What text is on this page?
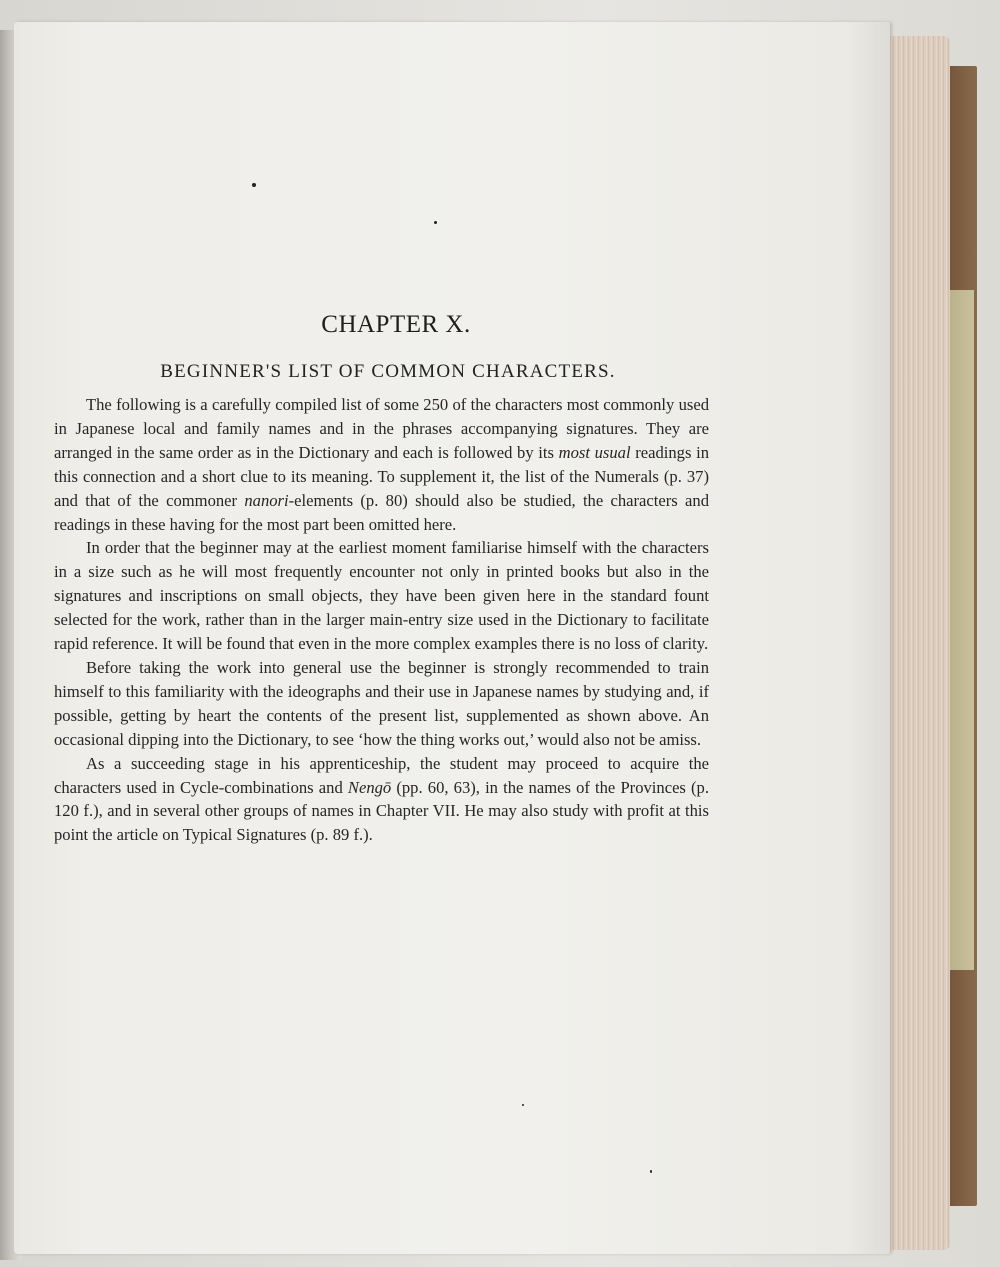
CHAPTER X.
BEGINNER'S LIST OF COMMON CHARACTERS.

The following is a carefully compiled list of some 250 of the characters most commonly used in Japanese local and family names and in the phrases accompanying signatures. They are arranged in the same order as in the Dictionary and each is followed by its most usual readings in this connection and a short clue to its meaning. To supplement it, the list of the Numerals (p. 37) and that of the commoner nanori-elements (p. 80) should also be studied, the characters and readings in these having for the most part been omitted here.

In order that the beginner may at the earliest moment familiarise himself with the characters in a size such as he will most frequently encounter not only in printed books but also in the signatures and inscriptions on small objects, they have been given here in the standard fount selected for the work, rather than in the larger main-entry size used in the Dictionary to facilitate rapid reference. It will be found that even in the more complex examples there is no loss of clarity.

Before taking the work into general use the beginner is strongly recommended to train himself to this familiarity with the ideographs and their use in Japanese names by studying and, if possible, getting by heart the contents of the present list, supplemented as shown above. An occasional dipping into the Dictionary, to see ‘how the thing works out,’ would also not be amiss.

As a succeeding stage in his apprenticeship, the student may proceed to acquire the characters used in Cycle-combinations and Nengō (pp. 60, 63), in the names of the Provinces (p. 120 f.), and in several other groups of names in Chapter VII. He may also study with profit at this point the article on Typical Signatures (p. 89 f.).
